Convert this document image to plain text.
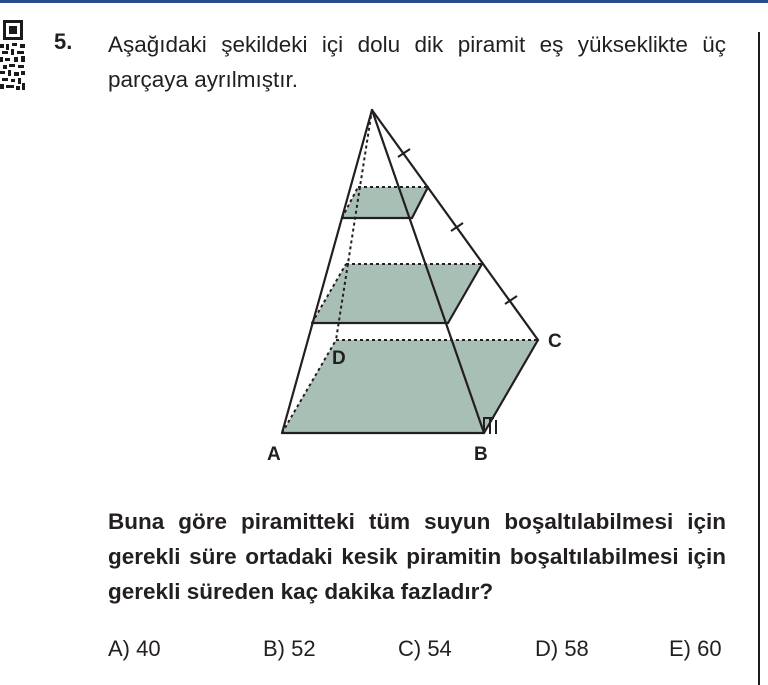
5. Aşağıdaki şekildeki içi dolu dik piramit eş yükseklikte üç parçaya ayrılmıştır.
A	B
C
D
Buna göre piramitteki tüm suyun boşaltılabilmesi için gerekli süre ortadaki kesik piramitin boşaltılabilmesi için gerekli süreden kaç dakika fazladır?
A) 40	B) 52	C) 54	D) 58	E) 60
